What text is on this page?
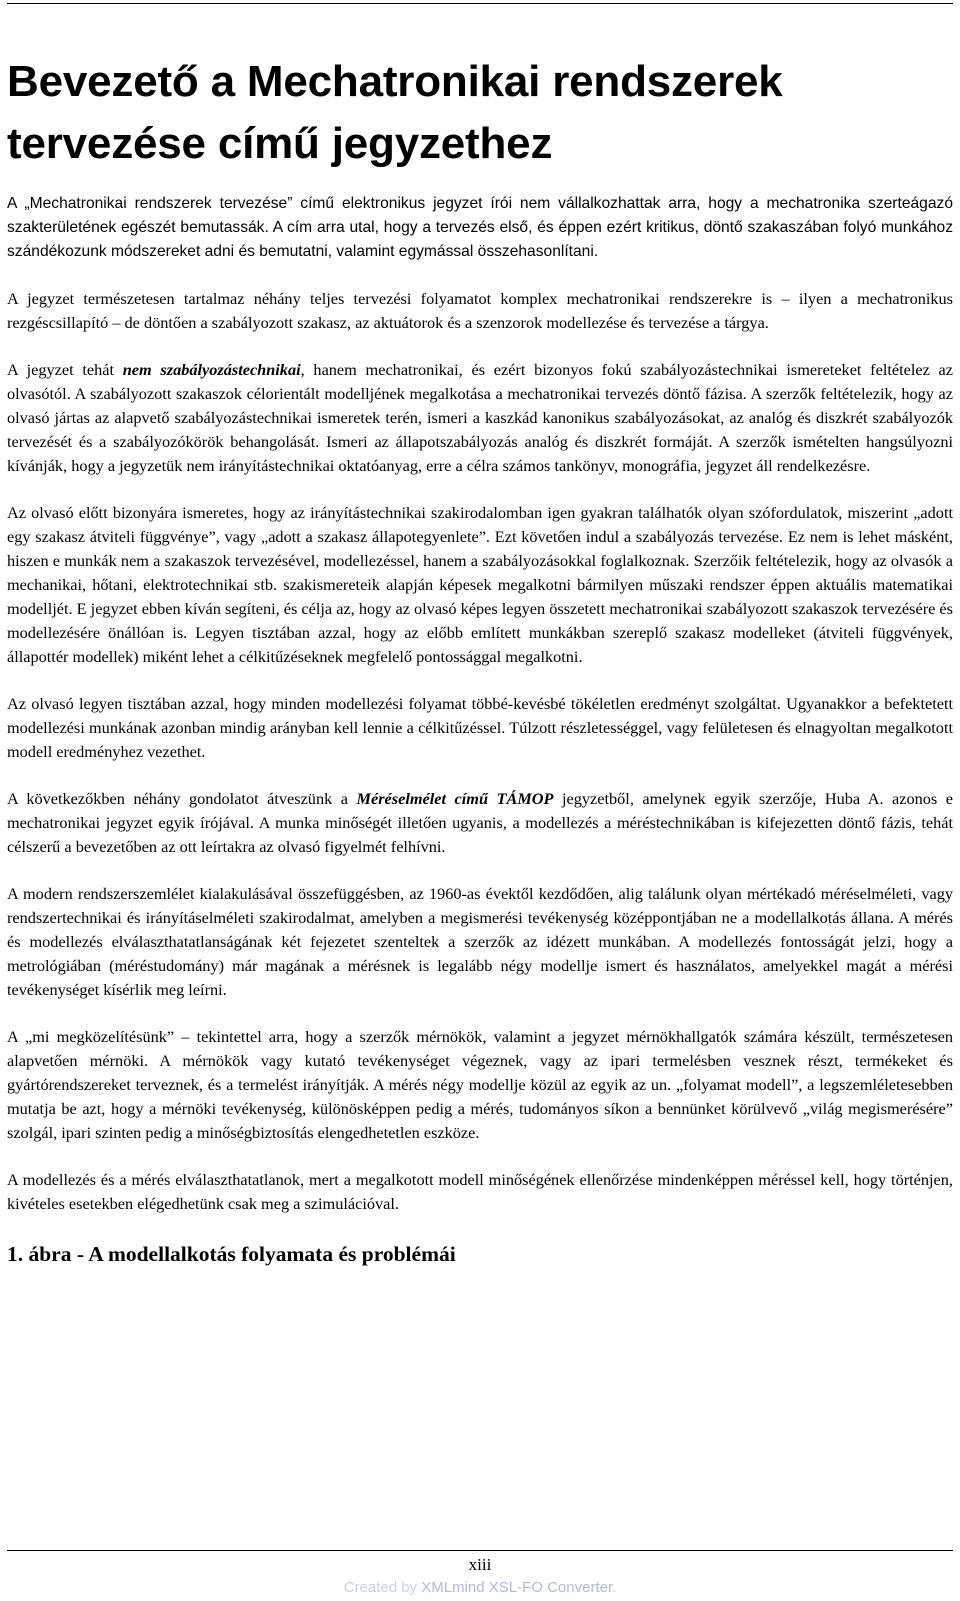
Bevezető a Mechatronikai rendszerek tervezése című jegyzethez

A „Mechatronikai rendszerek tervezése” című elektronikus jegyzet írói nem vállalkozhattak arra, hogy a mechatronika szerteágazó szakterületének egészét bemutassák. A cím arra utal, hogy a tervezés első, és éppen ezért kritikus, döntő szakaszában folyó munkához szándékozunk módszereket adni és bemutatni, valamint egymással összehasonlítani.

A jegyzet természetesen tartalmaz néhány teljes tervezési folyamatot komplex mechatronikai rendszerekre is – ilyen a mechatronikus rezgéscsillapító – de döntően a szabályozott szakasz, az aktuátorok és a szenzorok modellezése és tervezése a tárgya.

A jegyzet tehát nem szabályozástechnikai, hanem mechatronikai, és ezért bizonyos fokú szabályozástechnikai ismereteket feltételez az olvasótól. A szabályozott szakaszok célorientált modelljének megalkotása a mechatronikai tervezés döntő fázisa. A szerzők feltételezik, hogy az olvasó jártas az alapvető szabályozástechnikai ismeretek terén, ismeri a kaszkád kanonikus szabályozásokat, az analóg és diszkrét szabályozók tervezését és a szabályozókörök behangolását. Ismeri az állapotszabályozás analóg és diszkrét formáját. A szerzők ismételten hangsúlyozni kívánják, hogy a jegyzetük nem irányítástechnikai oktatóanyag, erre a célra számos tankönyv, monográfia, jegyzet áll rendelkezésre.

Az olvasó előtt bizonyára ismeretes, hogy az irányítástechnikai szakirodalomban igen gyakran találhatók olyan szófordulatok, miszerint „adott egy szakasz átviteli függvénye”, vagy „adott a szakasz állapotegyenlete”. Ezt követően indul a szabályozás tervezése. Ez nem is lehet másként, hiszen e munkák nem a szakaszok tervezésével, modellezéssel, hanem a szabályozásokkal foglalkoznak. Szerzőik feltételezik, hogy az olvasók a mechanikai, hőtani, elektrotechnikai stb. szakismereteik alapján képesek megalkotni bármilyen műszaki rendszer éppen aktuális matematikai modelljét. E jegyzet ebben kíván segíteni, és célja az, hogy az olvasó képes legyen összetett mechatronikai szabályozott szakaszok tervezésére és modellezésére önállóan is. Legyen tisztában azzal, hogy az előbb említett munkákban szereplő szakasz modelleket (átviteli függvények, állapottér modellek) miként lehet a célkitűzéseknek megfelelő pontossággal megalkotni.

Az olvasó legyen tisztában azzal, hogy minden modellezési folyamat többé-kevésbé tökéletlen eredményt szolgáltat. Ugyanakkor a befektetett modellezési munkának azonban mindig arányban kell lennie a célkitűzéssel. Túlzott részletességgel, vagy felületesen és elnagyoltan megalkotott modell eredményhez vezethet.

A következőkben néhány gondolatot átveszünk a Méréselmélet című TÁMOP jegyzetből, amelynek egyik szerzője, Huba A. azonos e mechatronikai jegyzet egyik írójával. A munka minőségét illetően ugyanis, a modellezés a méréstechnikában is kifejezetten döntő fázis, tehát célszerű a bevezetőben az ott leírtakra az olvasó figyelmét felhívni.

A modern rendszerszemlélet kialakulásával összefüggésben, az 1960-as évektől kezdődően, alig találunk olyan mértékadó méréselméleti, vagy rendszertechnikai és irányításelméleti szakirodalmat, amelyben a megismerési tevékenység középpontjában ne a modellalkotás állana. A mérés és modellezés elválaszthatatlanságának két fejezetet szenteltek a szerzők az idézett munkában. A modellezés fontosságát jelzi, hogy a metrológiában (méréstudomány) már magának a mérésnek is legalább négy modellje ismert és használatos, amelyekkel magát a mérési tevékenységet kísérlik meg leírni.

A „mi megközelítésünk” – tekintettel arra, hogy a szerzők mérnökök, valamint a jegyzet mérnökhallgatók számára készült, természetesen alapvetően mérnöki. A mérnökök vagy kutató tevékenységet végeznek, vagy az ipari termelésben vesznek részt, termékeket és gyártórendszereket terveznek, és a termelést irányítják. A mérés négy modellje közül az egyik az un. „folyamat modell”, a legszemléletesebben mutatja be azt, hogy a mérnöki tevékenység, különösképpen pedig a mérés, tudományos síkon a bennünket körülvevő „világ megismerésére” szolgál, ipari szinten pedig a minőségbiztosítás elengedhetetlen eszköze.

A modellezés és a mérés elválaszthatatlanok, mert a megalkotott modell minőségének ellenőrzése mindenképpen méréssel kell, hogy történjen, kivételes esetekben elégedhetünk csak meg a szimulációval.

1. ábra - A modellalkotás folyamata és problémái
xiii
Created by XMLmind XSL-FO Converter.
